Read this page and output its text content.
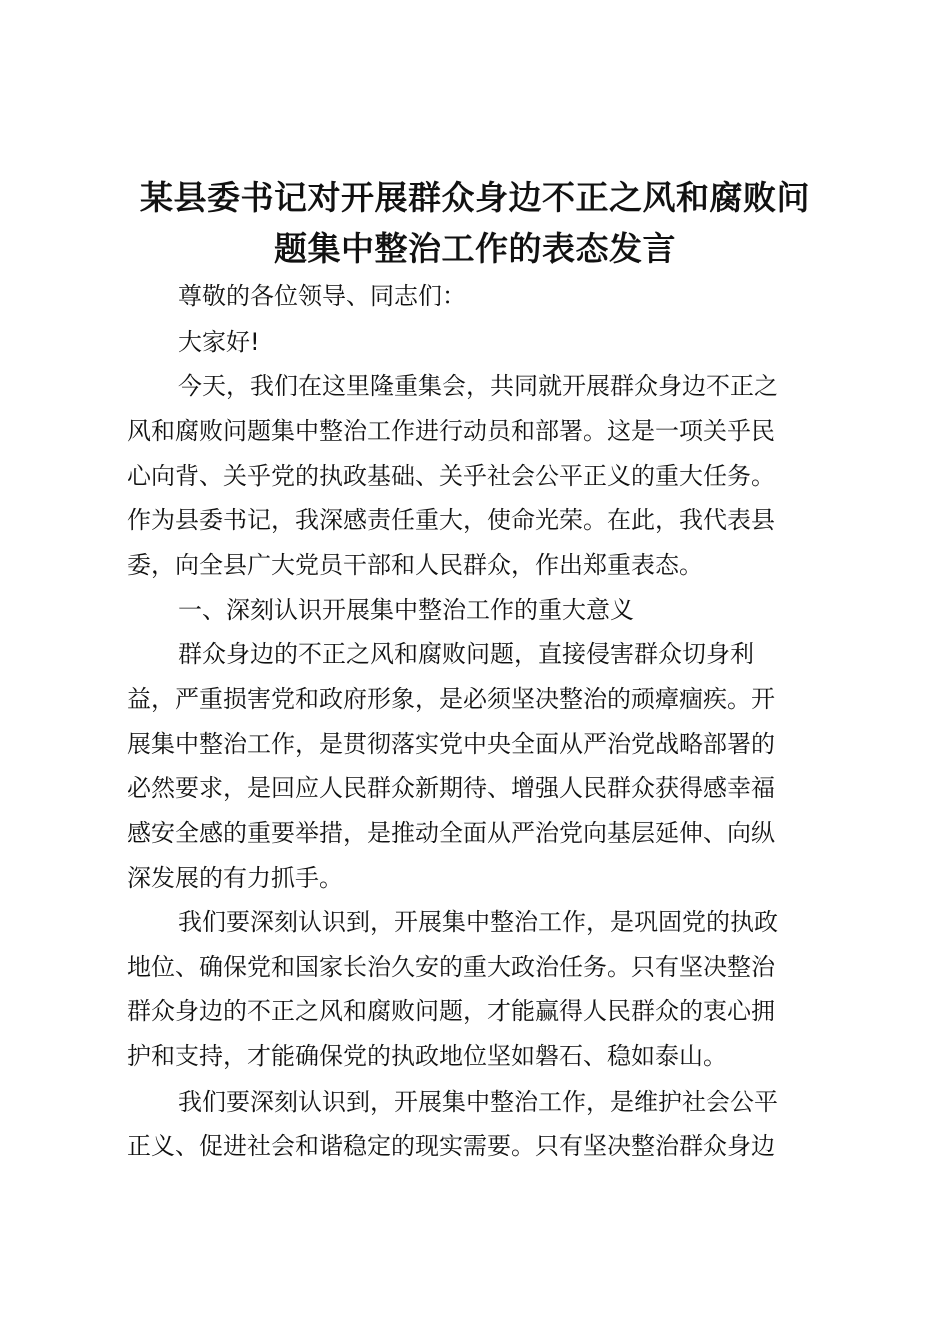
某县委书记对开展群众身边不正之风和腐败问
题集中整治工作的表态发言
尊敬的各位领导、同志们：
大家好!
今天，我们在这里隆重集会，共同就开展群众身边不正之
风和腐败问题集中整治工作进行动员和部署。这是一项关乎民
心向背、关乎党的执政基础、关乎社会公平正义的重大任务。
作为县委书记，我深感责任重大，使命光荣。在此，我代表县
委，向全县广大党员干部和人民群众，作出郑重表态。
一、深刻认识开展集中整治工作的重大意义
群众身边的不正之风和腐败问题，直接侵害群众切身利
益，严重损害党和政府形象，是必须坚决整治的顽瘴痼疾。开
展集中整治工作，是贯彻落实党中央全面从严治党战略部署的
必然要求，是回应人民群众新期待、增强人民群众获得感幸福
感安全感的重要举措，是推动全面从严治党向基层延伸、向纵
深发展的有力抓手。
我们要深刻认识到，开展集中整治工作，是巩固党的执政
地位、确保党和国家长治久安的重大政治任务。只有坚决整治
群众身边的不正之风和腐败问题，才能赢得人民群众的衷心拥
护和支持，才能确保党的执政地位坚如磐石、稳如泰山。
我们要深刻认识到，开展集中整治工作，是维护社会公平
正义、促进社会和谐稳定的现实需要。只有坚决整治群众身边
